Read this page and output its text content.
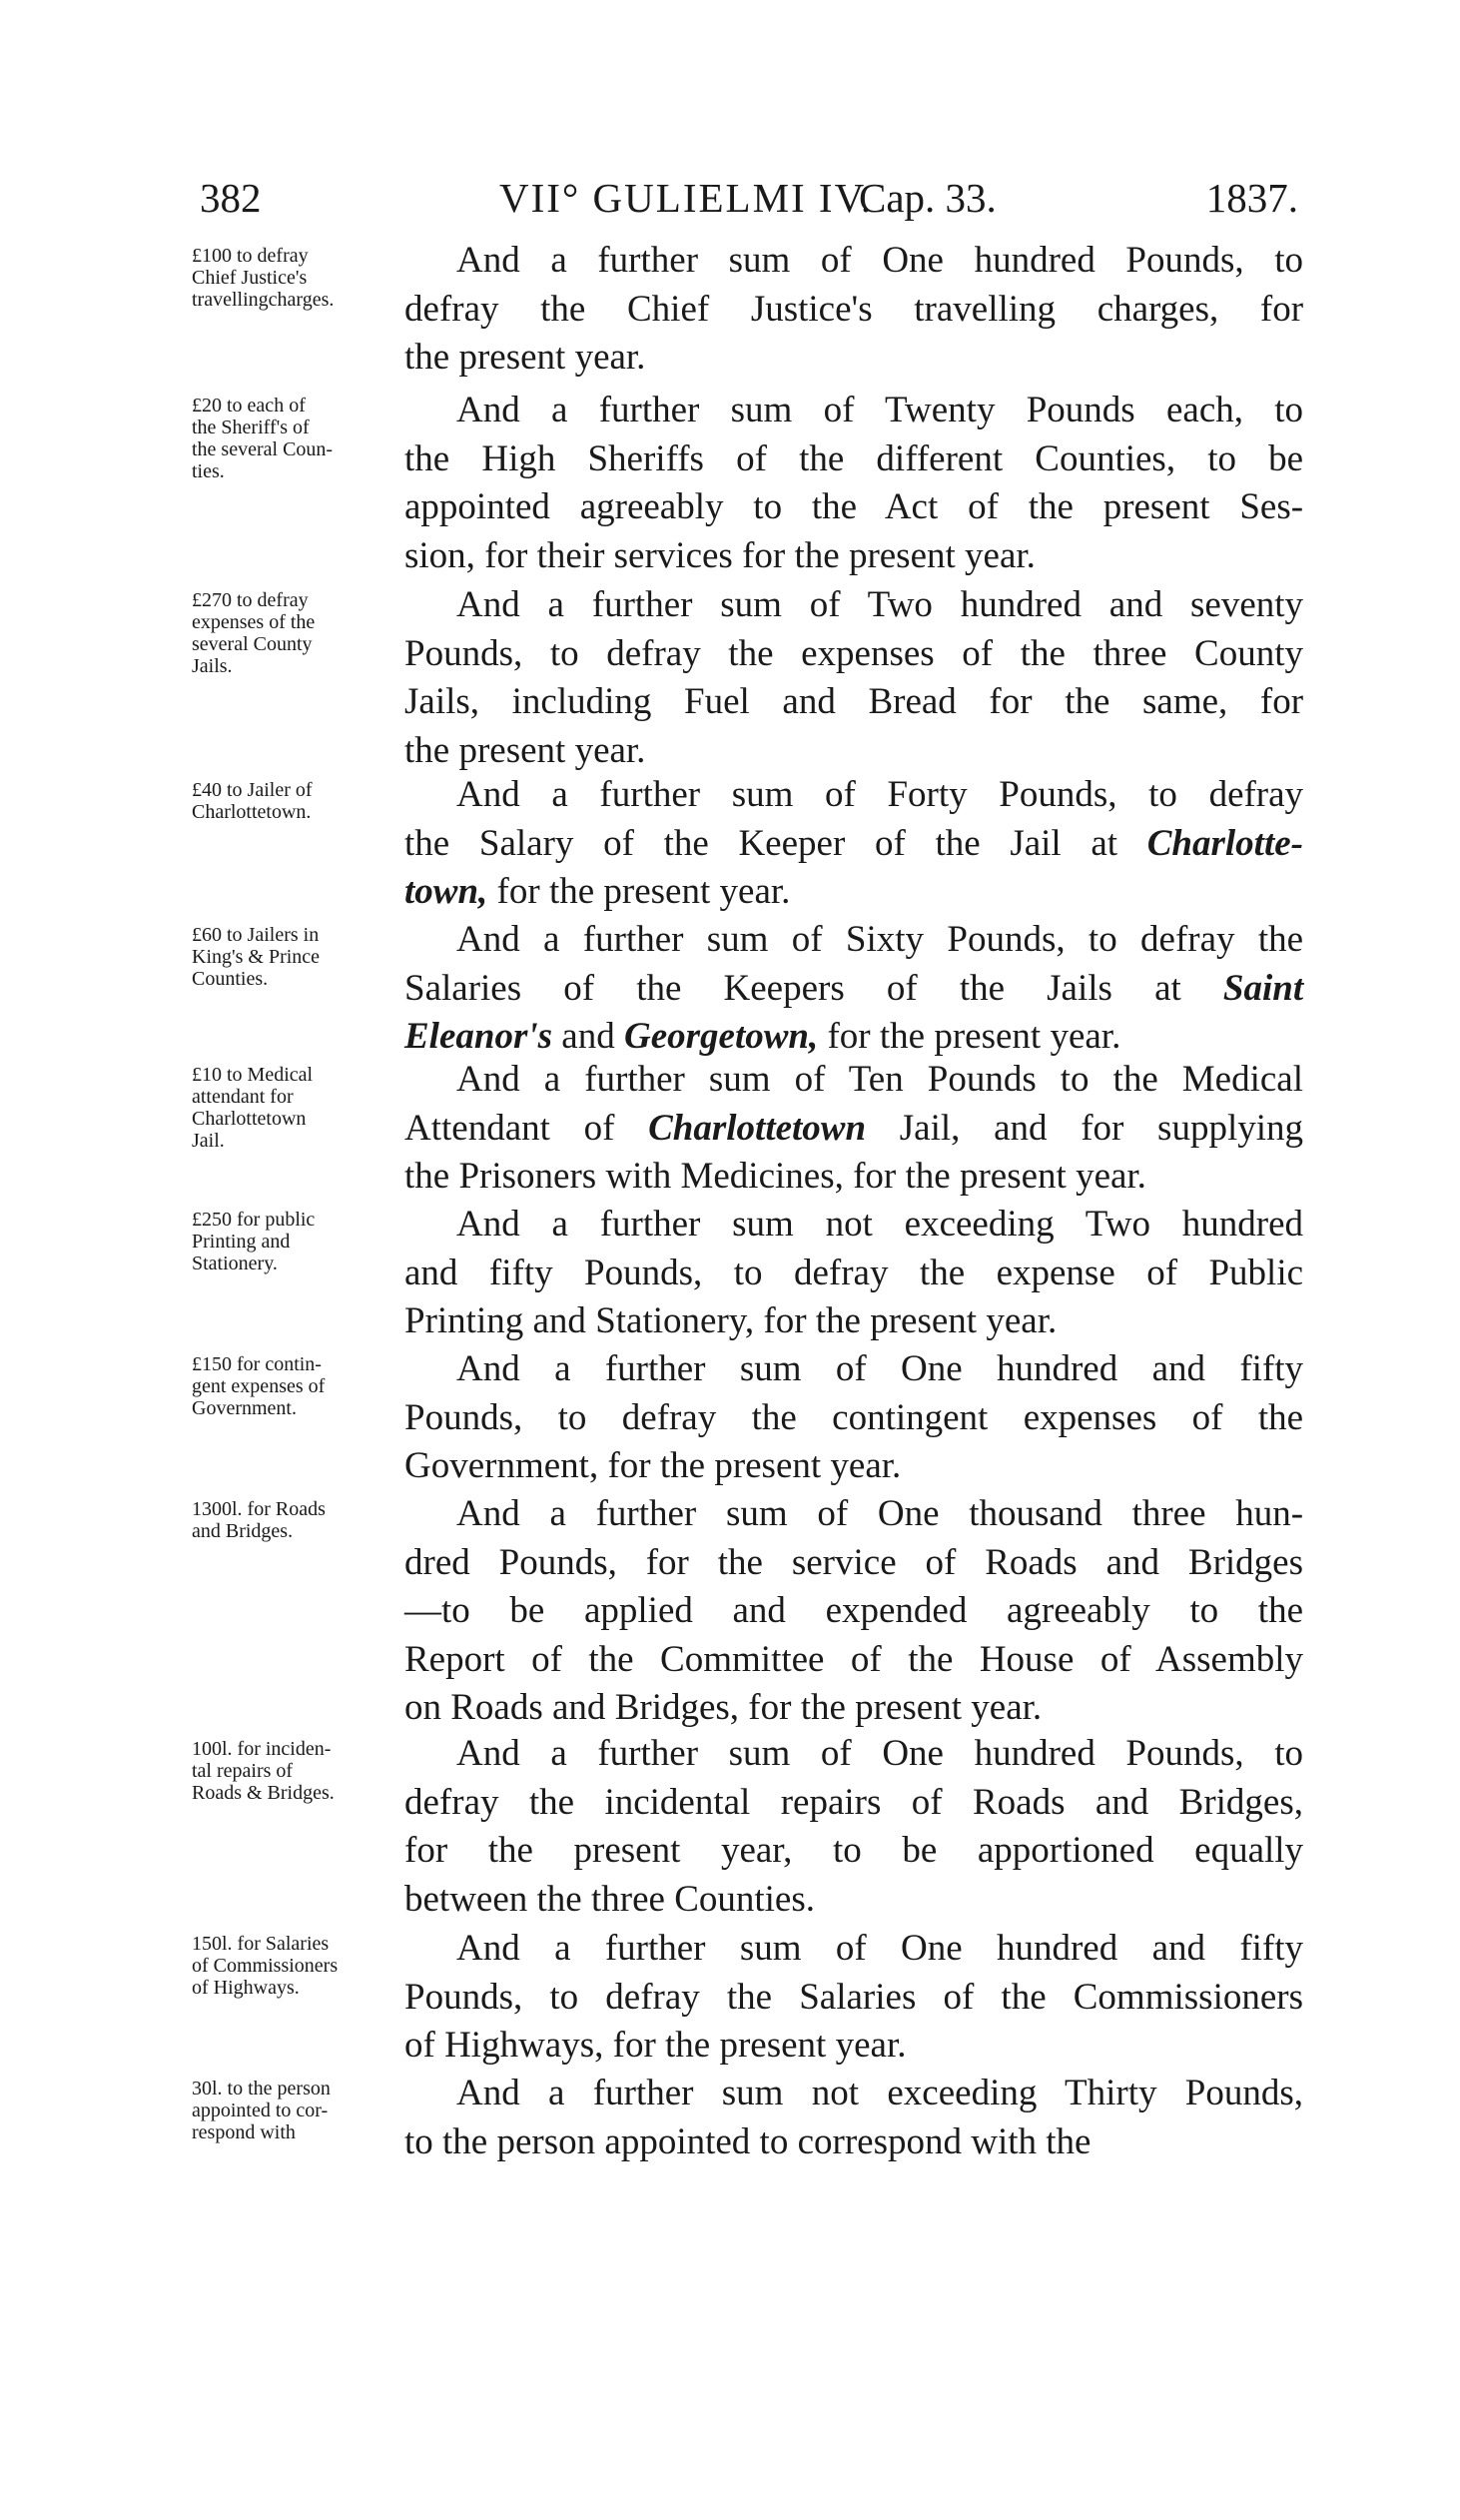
382	VII° GULIELMI IV.
Cap. 33.	1837.
£100 to defray
Chief Justice's
travellingcharges.
And a further sum of One hundred Pounds, to
defray the Chief Justice's travelling charges, for
the present year.
£20 to each of
the Sheriff's of
the several Coun-
ties.
And a further sum of Twenty Pounds each, to
the High Sheriffs of the different Counties, to be
appointed agreeably to the Act of the present Ses-
sion, for their services for the present year.
£270 to defray
expenses of the
several County
Jails.
And a further sum of Two hundred and seventy
Pounds, to defray the expenses of the three County
Jails, including Fuel and Bread for the same, for
the present year.
£40 to Jailer of
Charlottetown.	And a further sum of Forty Pounds, to defray
the Salary of the Keeper of the Jail at Charlotte-
town, for the present year.
£60 to Jailers in
King's & Prince
Counties.
And a further sum of Sixty Pounds, to defray the
Salaries of the Keepers of the Jails at Saint
Eleanor's and Georgetown, for the present year.
£10 to Medical
attendant for
Charlottetown
Jail.
And a further sum of Ten Pounds to the Medical
Attendant of Charlottetown Jail, and for supplying
the Prisoners with Medicines, for the present year.
£250 for public
Printing and
Stationery.
And a further sum not exceeding Two hundred
and fifty Pounds, to defray the expense of Public
Printing and Stationery, for the present year.
£150 for contin-
gent expenses of
Government.
And a further sum of One hundred and fifty
Pounds, to defray the contingent expenses of the
Government, for the present year.
1300l. for Roads
and Bridges.	And a further sum of One thousand three hun-
dred Pounds, for the service of Roads and Bridges
—to be applied and expended agreeably to the
Report of the Committee of the House of Assembly
on Roads and Bridges, for the present year.
100l. for inciden-
tal repairs of
Roads & Bridges.
And a further sum of One hundred Pounds, to
defray the incidental repairs of Roads and Bridges,
for the present year, to be apportioned equally
between the three Counties.
150l. for Salaries
of Commissioners
of Highways.
And a further sum of One hundred and fifty
Pounds, to defray the Salaries of the Commissioners
of Highways, for the present year.
30l. to the person
appointed to cor-
respond with
And a further sum not exceeding Thirty Pounds,
to the person appointed to correspond with the
